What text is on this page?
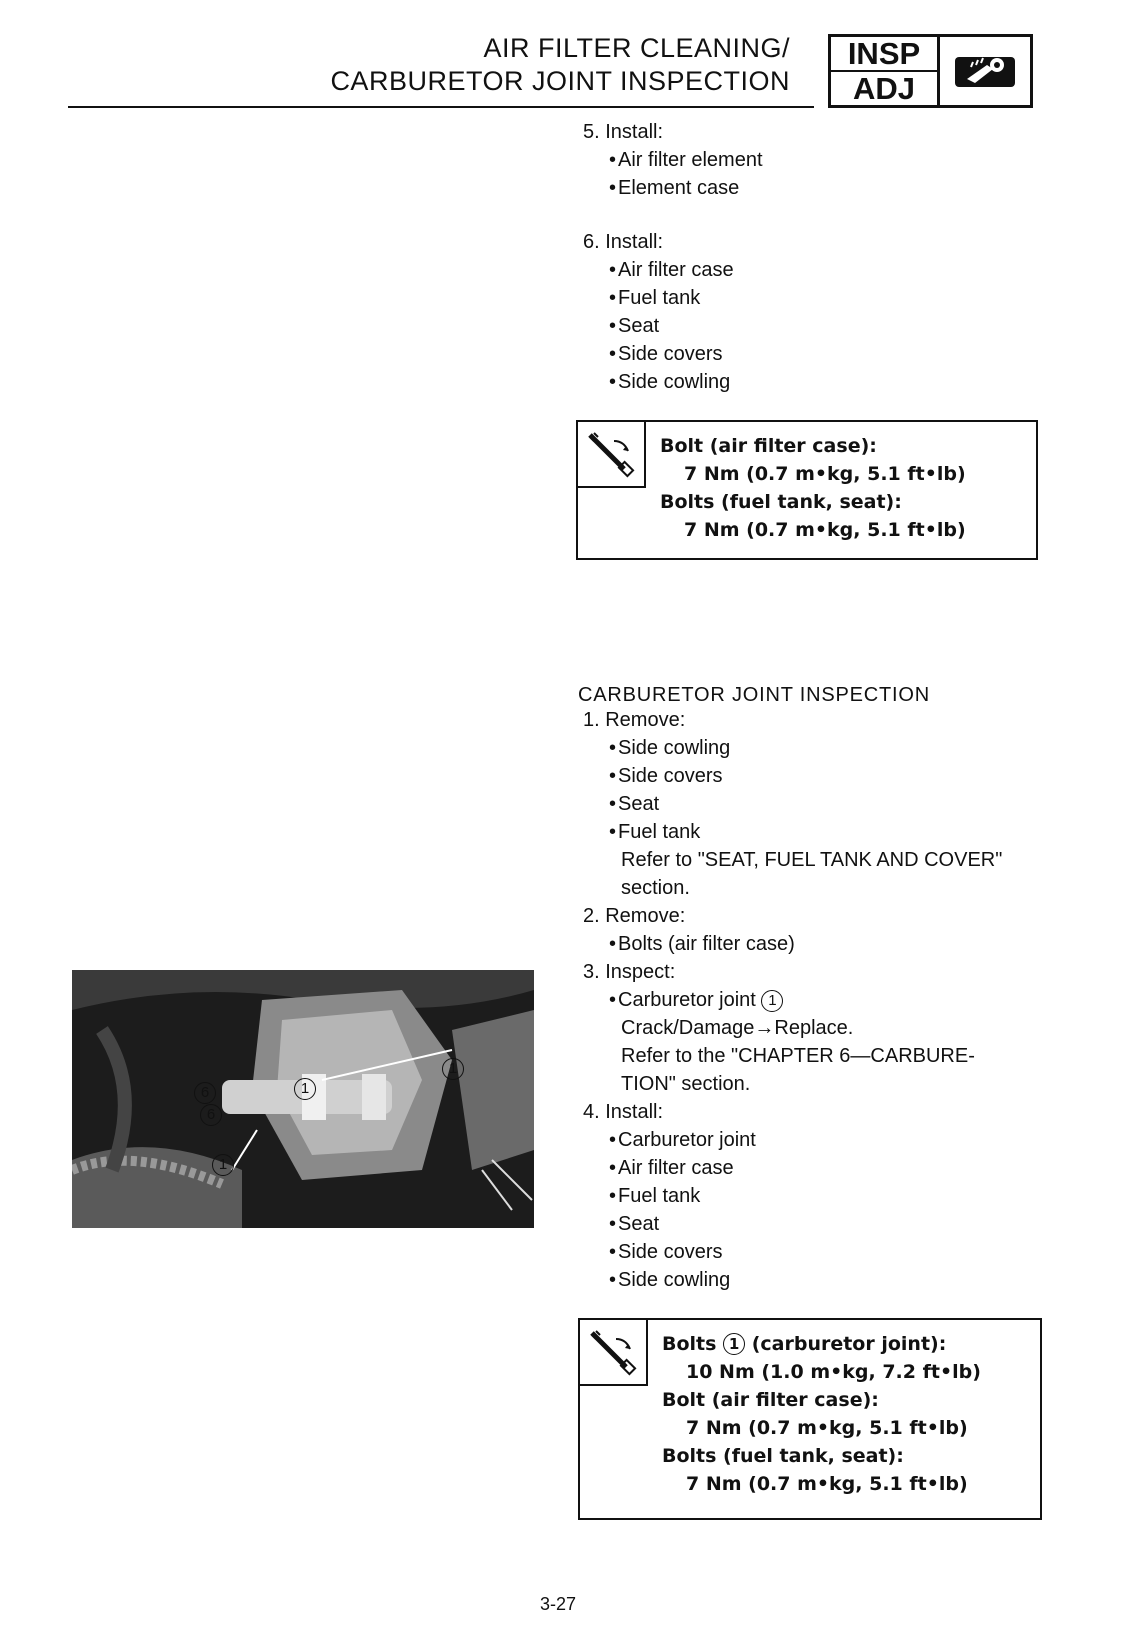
AIR FILTER CLEANING/
CARBURETOR JOINT INSPECTION
INSP
ADJ
5. Install:
• Air filter element
• Element case
6. Install:
• Air filter case
• Fuel tank
• Seat
• Side covers
• Side cowling
Bolt (air filter case):
7 Nm (0.7 m•kg, 5.1 ft•lb)
Bolts (fuel tank, seat):
7 Nm (0.7 m•kg, 5.1 ft•lb)
CARBURETOR JOINT INSPECTION
1. Remove:
• Side cowling
• Side covers
• Seat
• Fuel tank
Refer to "SEAT, FUEL TANK AND COVER"
section.
2. Remove:
• Bolts (air filter case)
3. Inspect:
• Carburetor joint 1
Crack/Damage→Replace.
Refer to the "CHAPTER 6—CARBURE-
TION" section.
4. Install:
• Carburetor joint
• Air filter case
• Fuel tank
• Seat
• Side covers
• Side cowling
Bolts 1 (carburetor joint):
10 Nm (1.0 m•kg, 7.2 ft•lb)
Bolt (air filter case):
7 Nm (0.7 m•kg, 5.1 ft•lb)
Bolts (fuel tank, seat):
7 Nm (0.7 m•kg, 5.1 ft•lb)
1
6
6
1
1
3-27
